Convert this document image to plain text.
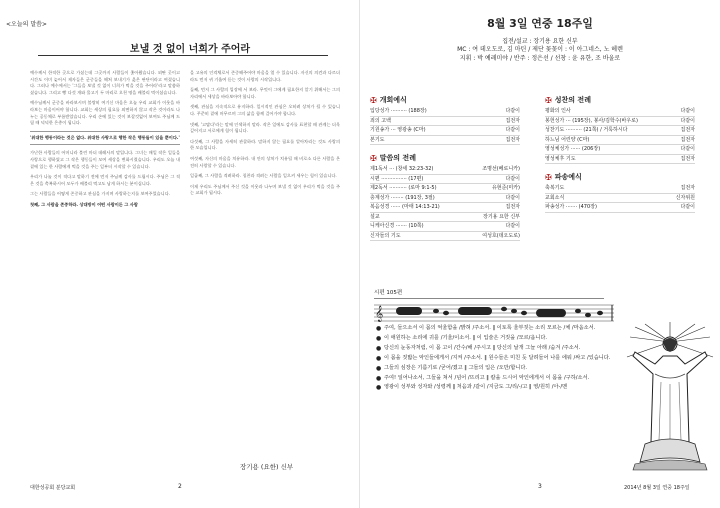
<오늘의 말씀>
보낼 것 없이 너희가 주어라

예수께서 한적한 곳으로 가셨는데 그곳까지 사람들이 좇아왔습니다. 외딴 곳이고 시간도 이미 늦어서 제자들은 군중들을 해쳐 보내기가 옳은 판단이라고 여겼습니다. 그러나 예수께서는 '그들을 보낼 것 없이 너희가 먹을 것을 주어라'라고 말씀하셨습니다. 그리고 빵 다섯 개와 물고기 두 마리로 오천 명을 배불리 먹이셨습니다.

예수님께서 군중을 바라보시며 불쌍히 여기신 마음은 오늘 우리 교회가 이웃을 바라보는 마음이어야 합니다. 교회는 세상의 필요를 외면하지 않고 작은 것이라도 나누는 공동체로 부름받았습니다. 우리 손에 있는 것이 보잘것없어 보여도 주님께 드릴 때 넉넉한 은총이 됩니다.

'위대한 행동이라는 것은 없다. 위대한 사랑으로 행한 작은 행동들이 있을 뿐이다.'

가난한 사람들의 어머니라 불린 마더 데레사의 말입니다. 그녀는 매일 작은 일들을 사랑으로 행하였고 그 작은 행동들이 모여 세상을 변화시켰습니다. 우리도 오늘 내 곁에 있는 한 사람에게 먹을 것을 주는 일부터 시작할 수 있습니다.

우리가 나눌 것이 적다고 말하기 전에 먼저 주님께 감사를 드립시다. 주님은 그 적은 것을 축복하시어 모두가 배불리 먹고도 남게 하시는 분이십니다.

그는 사람들을 어떻게 존중하고 관심을 가지며 사랑하는지를 보여주었습니다.

첫째, 그 사람을 존중하라. 상대방이 어떤 사람이든 그 사람

을 고유의 인격체로서 존중해주어야 마음을 열 수 있습니다. 자신의 의견과 다르더라도 먼저 귀 기울여 듣는 것이 사랑의 시작입니다.

둘째, 먼저 그 사람의 입장에 서 보라. 무엇이 그에게 필요한지 알기 위해서는 그의 자리에서 세상을 바라보아야 합니다.

셋째, 관심을 지속적으로 유지하라. 일시적인 관심은 오히려 상처가 될 수 있습니다. 꾸준히 곁에 머무르며 그의 삶을 함께 걸어가야 합니다.

넷째, '고맙다'라는 말에 인색하지 말라. 작은 일에도 감사를 표현할 때 관계는 더욱 깊어지고 서로에게 힘이 됩니다.

다섯째, 그 사람을 자세히 관찰하라. 말하지 않는 필요를 알아차리는 것도 사랑의 한 모습입니다.

여섯째, 자신의 마음을 치유하라. 내 안의 상처가 치유될 때 비로소 다른 사람을 온전히 사랑할 수 있습니다.

일곱째, 그 사람을 격려하라. 칭찬과 격려는 사람을 일으켜 세우는 힘이 있습니다.

이제 우리도 주님께서 주신 것을 이웃과 나누며 보낼 것 없이 우리가 먹을 것을 주는 교회가 됩시다.

장기용 (요한) 신부
대한성공회 분당교회	2
8월 3일 연중 18주일
집전/설교 : 장기용 요한 신부
MC : 여 데오도로, 김 마틴 / 제단 꽃꽂이 : 이 아그네스, 노 헤렌
지휘 : 박 예레미야 / 반주 : 정은선 / 선창 : 윤 유한, 조 바울로
✠ 개회예식
입당성가 ·········· (188장)	다같이
죄의 고백	집전자
기원송가 ··· 영광송 (C마)	다같이
본기도	집전자
✠ 말씀의 전례
제1독서 ··· (창세 32:23-32)	조명선(베로니카)
시편 ················ (17편)	다같이
제2독서 ··········· (로마 9:1-5)	유현준(미카)
층계성가 ········ (191장, 3절)	다같이
복음성경 ······ (마태 14:13-21)	집전자
설교	장기용 요한 신부
니케아신경 ······· (10쪽)	다같이
신자들의 기도	여성호(데오도로)
✠ 성찬의 전례
평화의 인사	다같이
봉헌성가 ··· (195장), 봉사/김학수(바우로)	다같이
성찬기도 ·········· (21쪽) / 거룩하시다	집전자
하느님 어린양 (C마)	집전자
영성체성가 ······ (206장)	다같이
영성체후 기도	집전자
✠ 파송예식
축복기도	집전자
교회소식	신자위원
파송성가 ······· (470장)	다같이
시편 105편
𝄞
● 주여, 들으소서 이 몸의 억울함을 /밝혀 /주소서. ‖ 이토록 울부짖는 소리 모르는 /체 /마옵소서.
● 이 애원하는 소리에 귀를 /기울/이소서. ‖ 이 입술은 거짓을 /모르/옵니다.
● 당신의 눈동자처럼, 이 몸 고이 /간수/해 /주시고 ‖ 당신의 날개 그늘 아래 /숨겨 /주소서.
● 이 몸을 짓밟는 악인들에게서 /지켜 /주소서. ‖ 원수들은 미친 듯 달려들어 나를 에워 /싸고 /있습니다.
● 그들의 심장은 기름기로 /굳어/졌고 ‖ 그들의 입은 /오만/합니다.
● 주여! 일어나소서, 그들을 쳐서 /넘어 /뜨리고 ‖ 칼을 드시어 악인에게서 이 몸을 /구하/소서.
● 영광이 성부와 성자와 /성령께 ‖ 처음과 /같이 /지금도 그/리/-/고 ‖ 영/원히 /아-/멘
3	2014년 8월 3일 연중 18주일
